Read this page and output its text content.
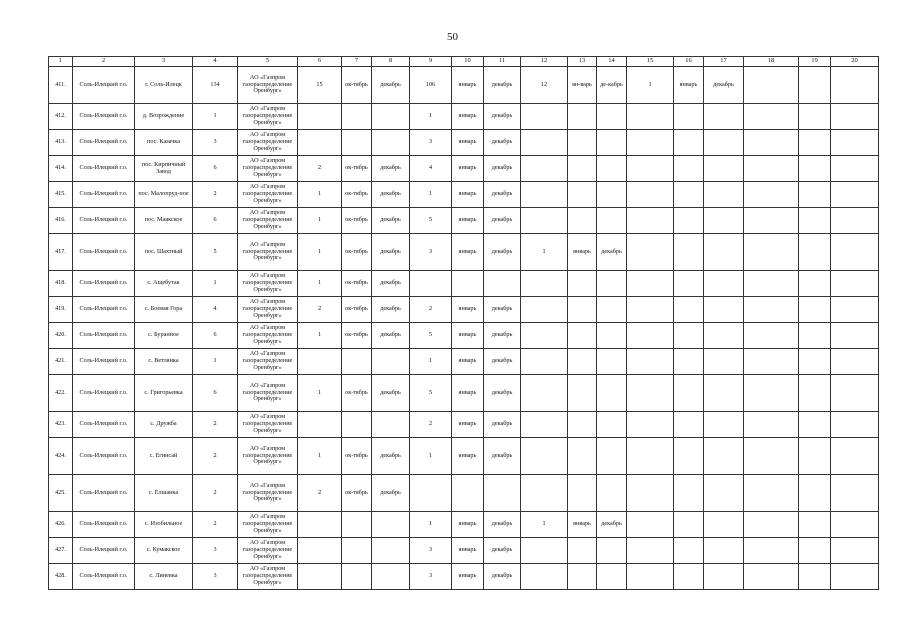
50
1	2	3	4	5	6	7	8	9	10	11	12	13	14	15	16	17	18	19	20
411.	Соль-Илецкий г.о.	г. Соль-Илецк	134	АО «Газпром газораспределение Оренбург»	15	ок-тябрь	декабрь	106	январь	декабрь	12	ян-варь	де-кабрь	1	январь	декабрь			
412.	Соль-Илецкий г.о.	д. Возрождение	1	АО «Газпром газораспределение Оренбург»				1	январь	декабрь									
413.	Соль-Илецкий г.о.	пос. Казачка	3	АО «Газпром газораспределение Оренбург»				3	январь	декабрь									
414.	Соль-Илецкий г.о.	пос. Кирпичный Завод	6	АО «Газпром газораспределение Оренбург»	2	ок-тябрь	декабрь	4	январь	декабрь									
415.	Соль-Илецкий г.о.	пос. Малопруд-ное	2	АО «Газпром газораспределение Оренбург»	1	ок-тябрь	декабрь	1	январь	декабрь									
416.	Соль-Илецкий г.о.	пос. Маякское	6	АО «Газпром газораспределение Оренбург»	1	ок-тябрь	декабрь	5	январь	декабрь									
417.	Соль-Илецкий г.о.	пос. Шахтный	5	АО «Газпром газораспределение Оренбург»	1	ок-тябрь	декабрь	3	январь	декабрь	1	январь	декабрь						
418.	Соль-Илецкий г.о.	с. Ащебутак	1	АО «Газпром газораспределение Оренбург»	1	ок-тябрь	декабрь												
419.	Соль-Илецкий г.о.	с. Боевая Гора	4	АО «Газпром газораспределение Оренбург»	2	ок-тябрь	декабрь	2	январь	декабрь									
420.	Соль-Илецкий г.о.	с. Буранное	6	АО «Газпром газораспределение Оренбург»	1	ок-тябрь	декабрь	5	январь	декабрь									
421.	Соль-Илецкий г.о.	с. Ветлянка	1	АО «Газпром газораспределение Оренбург»				1	январь	декабрь									
422.	Соль-Илецкий г.о.	с. Григорьевка	6	АО «Газпром газораспределение Оренбург»	1	ок-тябрь	декабрь	5	январь	декабрь									
423.	Соль-Илецкий г.о.	с. Дружба	2	АО «Газпром газораспределение Оренбург»				2	январь	декабрь									
424.	Соль-Илецкий г.о.	с. Егинсай	2	АО «Газпром газораспределение Оренбург»	1	ок-тябрь	декабрь	1	январь	декабрь									
425.	Соль-Илецкий г.о.	с. Елшанка	2	АО «Газпром газораспределение Оренбург»	2	ок-тябрь	декабрь												
426.	Соль-Илецкий г.о.	с. Изобильное	2	АО «Газпром газораспределение Оренбург»				1	январь	декабрь	1	январь	декабрь						
427.	Соль-Илецкий г.о.	с. Кумакское	3	АО «Газпром газораспределение Оренбург»				3	январь	декабрь									
428.	Соль-Илецкий г.о.	с. Линевка	3	АО «Газпром газораспределение Оренбург»				3	январь	декабрь									
